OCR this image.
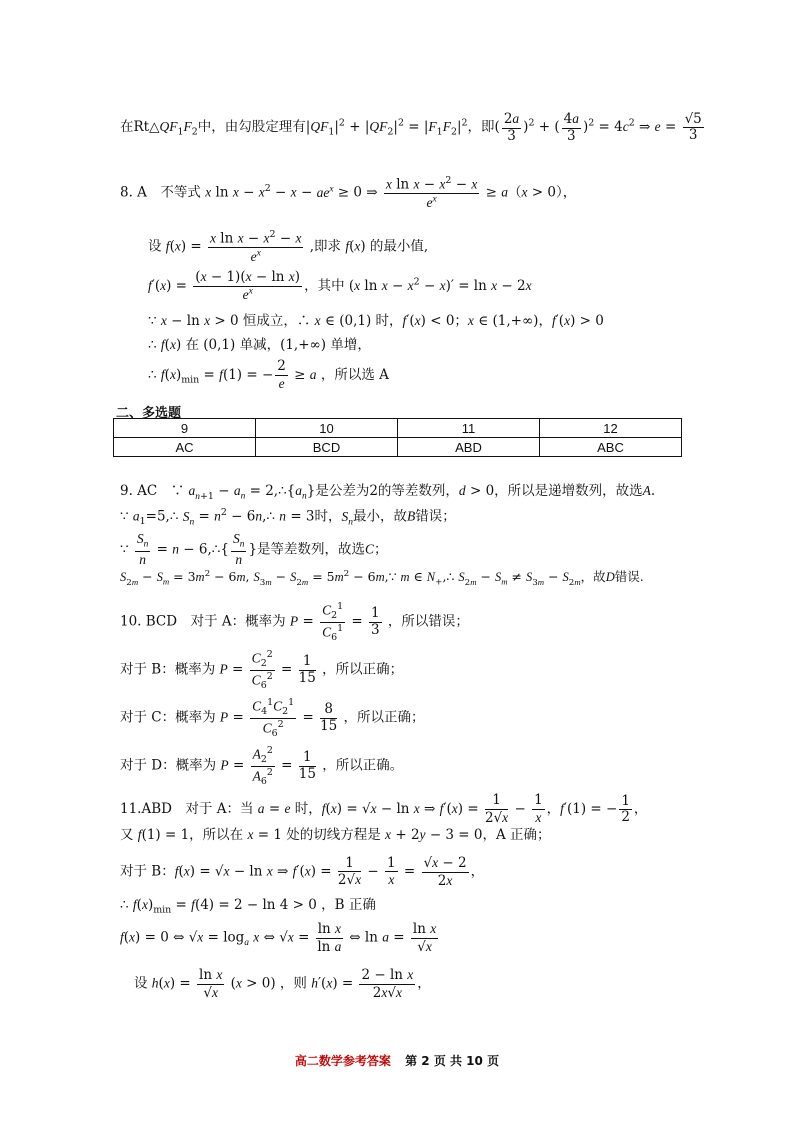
在$Rt\triangle QF_1F_2$中，由勾股定理有$|QF_1|^2 + |QF_2|^2 = |F_1F_2|^2$，即( $\frac{2a}{3} )^2$ + ( $\frac{4a}{3} )^2 = 4c^2$ ⇒ $e = \frac{√5}{3}$
8. A　不等式 x $\ln x - x^2 - x - ae^x \ge 0$ ⇒ $\frac{x \ln x - x^2 - x}{e^x} \ge a(x > 0)$，
设 $f(x) = \frac{x \ln x - x^2 - x}{e^x}$ ,即求 f(x) 的最小值,
$f'(x) = \frac{\text{(x − 1)(x − ln x)}}{e^x}$ ，其中 (x $\ln x - x^2 - x)' = \ln x - 2x$
∵ x − ln x > 0 恒成立，∴ x ∈ (0,1) 时，f′(x) < 0；x ∈ (1,+∞)，f′(x) > 0
∴ f(x) 在 (0,1) 单减，(1,+∞) 单增，
∴ $f(x)_{min} = f(1)$ = − $\frac{2}{e} \ge a$ ，所以选 A
二、多选题
9	10	11	12
AC	BCD	ABD	ABC
9. AC　∵ $a_{n+1} - a_n$ = $2,\therefore\{a_n\}$是公差为2的等差数列，d > 0，所以是递增数列，故选A.
∵ $a_1=5,\therefore$ $S_n = n^2$ − 6n,∴ n = 3时，$S_n$最小，故B错误；
∵ $\frac{S_n}{n} = n$ − 6,∴{ $\frac{S_n}{n}$ }是等差数列，故选C；
$S_{2m} - S_m = 3m^2 - 6m$, $S_{3m} - S_{2m} = 5m^2$ − 6m,∵ m ∈ $N_+,\therefore$ $S_{2m} - S_m \ne S_{3m} - S_{2m}$，故D错误.
10. BCD　对于 A：概率为 $P = \frac{C_2^1}{C_6^1} = \frac{1}{3}$ ，所以错误；
对于 B：概率为 $P = \frac{C_2^2}{C_6^2} = \frac{1}{15}$ ，所以正确；
对于 C：概率为 $P = \frac{C_4^1C_2^1}{C_6^2} = \frac{8}{15}$ ，所以正确；
对于 D：概率为 $P = \frac{A_2^2}{A_6^2} = \frac{1}{15}$ ，所以正确。
11.ABD　对于 A：当 a = e 时，f(x) = √x − ln x ⇒ $f'(x) = \frac{1}{2√x} - \frac{1}{x}$ ，f′(1) = − $\frac{1}{2}$ ，
又 f(1) = 1，所以在 x = 1 处的切线方程是 x + 2y − 3 = 0，A 正确；
对于 B：f(x) = √x − ln x ⇒ $f'(x) = \frac{1}{2√x} - \frac{1}{x} = \frac{√x - 2}{2x}$ ，
∴ $f(x)_{min} = f(4) = 2 - \ln 4 > 0$ ，B 正确
f(x) = 0 ⇔ $√x = \log_a x$ ⇔ $√x = \frac{\text{ln x}}{\text{ln a}}$ ⇔ $\ln a = \frac{\text{ln x}}{√x}$
设 $h(x) = \frac{\text{ln x}}{√x} (x > 0)$ ，则 $h'(x) = \frac{\text{2 − ln x}}{2x√x}$ ，
高二数学参考答案 第 2 页 共 10 页
